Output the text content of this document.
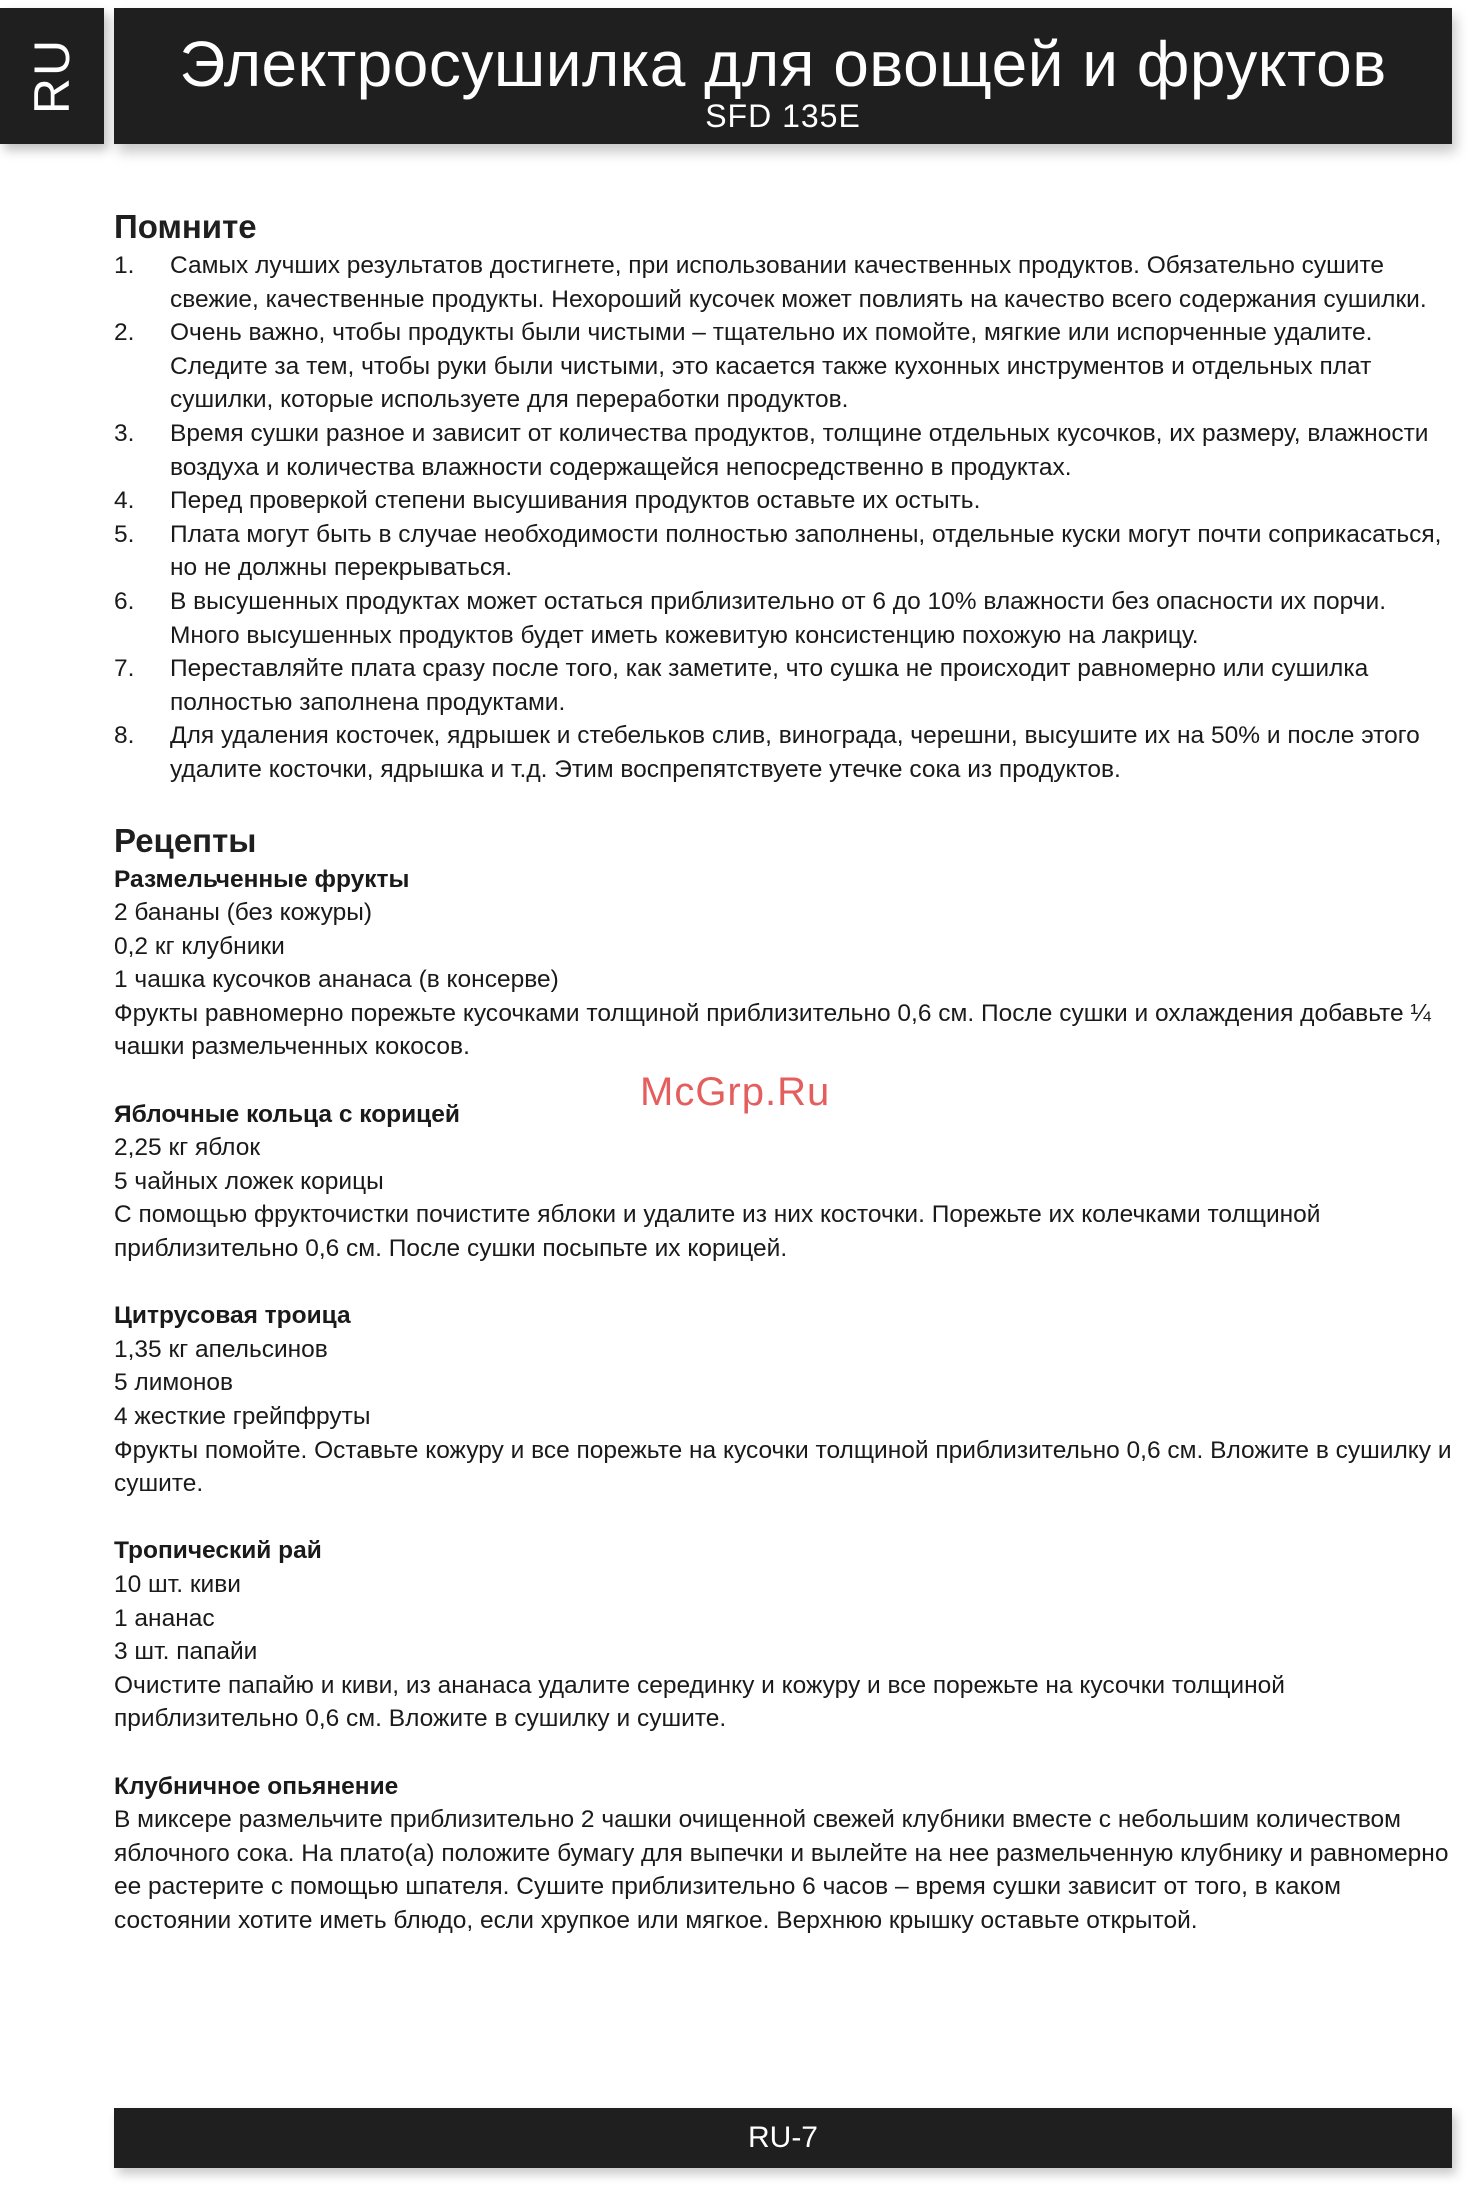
RU	Электросушилка для овощей и фруктов
SFD 135E
Помните
1. Самых лучших результатов достигнете, при использовании качественных продуктов. Обязательно сушите свежие, качественные продукты. Нехороший кусочек может повлиять на качество всего содержания сушилки.
2. Очень важно, чтобы продукты были чистыми – тщательно их помойте, мягкие или испорченные удалите. Следите за тем, чтобы руки были чистыми, это касается также кухонных инструментов и отдельных плат сушилки, которые используете для переработки продуктов.
3. Время сушки разное и зависит от количества продуктов, толщине отдельных кусочков, их размеру, влажности воздуха и количества влажности содержащейся непосредственно в продуктах.
4. Перед проверкой степени высушивания продуктов оставьте их остыть.
5. Плата могут быть в случае необходимости полностью заполнены, отдельные куски могут почти соприкасаться, но не должны перекрываться.
6. В высушенных продуктах может остаться приблизительно от 6 до 10% влажности без опасности их порчи. Много высушенных продуктов будет иметь кожевитую консистенцию похожую на лакрицу.
7. Переставляйте плата сразу после того, как заметите, что сушка не происходит равномерно или сушилка полностью заполнена продуктами.
8. Для удаления косточек, ядрышек и стебельков слив, винограда, черешни, высушите их на 50% и после этого удалите косточки, ядрышка и т.д. Этим воспрепятствуете утечке сока из продуктов.
Рецепты
Размельченные фрукты

2 бананы (без кожуры)

0,2 кг клубники

1 чашка кусочков ананаса (в консерве)

Фрукты равномерно порежьте кусочками толщиной приблизительно 0,6 см. После сушки и охлаждения добавьте ¼ чашки размельченных кокосов.

Яблочные кольца с корицей

2,25 кг яблок

5 чайных ложек корицы

С помощью фрукточистки почистите яблоки и удалите из них косточки. Порежьте их колечками толщиной приблизительно 0,6 см. После сушки посыпьте их корицей.

Цитрусовая троица

1,35 кг апельсинов

5 лимонов

4 жесткие грейпфруты

Фрукты помойте. Оставьте кожуру и все порежьте на кусочки толщиной приблизительно 0,6 см. Вложите в сушилку и сушите.

Тропический рай

10 шт. киви

1 ананас

3 шт. папайи

Очистите папайю и киви, из ананаса удалите серединку и кожуру и все порежьте на кусочки толщиной приблизительно 0,6 см. Вложите в сушилку и сушите.

Клубничное опьянение

В миксере размельчите приблизительно 2 чашки очищенной свежей клубники вместе с небольшим количеством яблочного сока. На плато(а) положите бумагу для выпечки и вылейте на нее размельченную клубнику и равномерно ее растерите с помощью шпателя. Сушите приблизительно 6 часов – время сушки зависит от того, в каком состоянии хотите иметь блюдо, если хрупкое или мягкое. Верхнюю крышку оставьте открытой.

McGrp.Ru
RU-7
